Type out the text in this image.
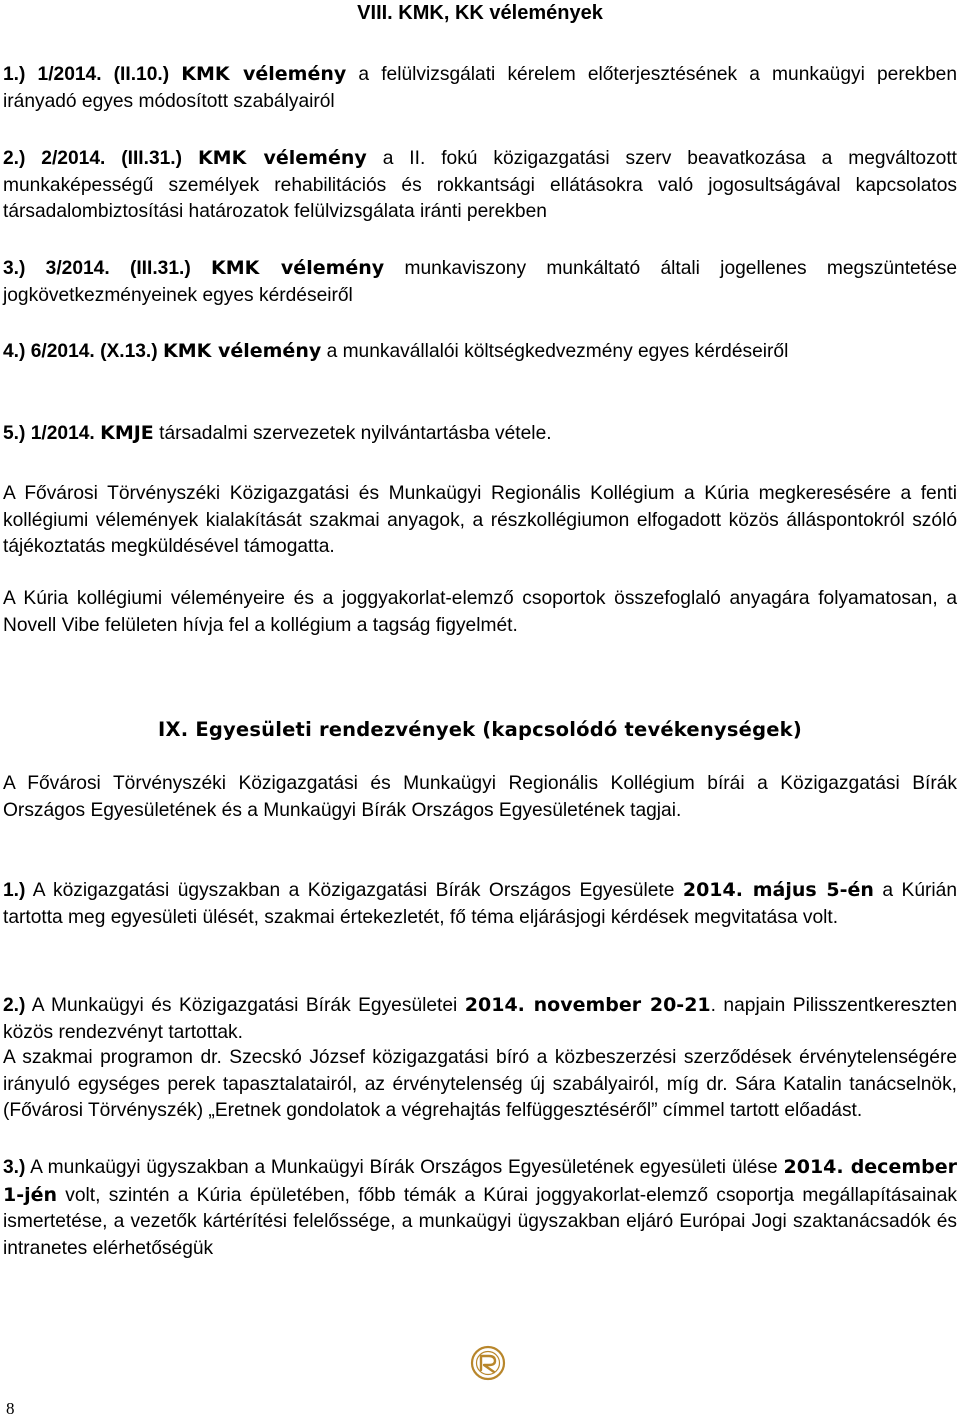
VIII. KMK, KK vélemények

1.) 1/2014. (II.10.) KMK vélemény a felülvizsgálati kérelem előterjesztésének a munkaügyi perekben irányadó egyes módosított szabályairól

2.) 2/2014. (III.31.) KMK vélemény a II. fokú közigazgatási szerv beavatkozása a megváltozott munkaképességű személyek rehabilitációs és rokkantsági ellátásokra való jogosultságával kapcsolatos társadalombiztosítási határozatok felülvizsgálata iránti perekben

3.) 3/2014. (III.31.) KMK vélemény munkaviszony munkáltató általi jogellenes megszüntetése jogkövetkezményeinek egyes kérdéseiről

4.) 6/2014. (X.13.) KMK vélemény a munkavállalói költségkedvezmény egyes kérdéseiről

5.) 1/2014. KMJE társadalmi szervezetek nyilvántartásba vétele.

A Fővárosi Törvényszéki Közigazgatási és Munkaügyi Regionális Kollégium a Kúria megkeresésére a fenti kollégiumi vélemények kialakítását szakmai anyagok, a részkollégiumon elfogadott közös álláspontokról szóló tájékoztatás megküldésével támogatta.

A Kúria kollégiumi véleményeire és a joggyakorlat-elemző csoportok összefoglaló anyagára folyamatosan, a Novell Vibe felületen hívja fel a kollégium a tagság figyelmét.

IX. Egyesületi rendezvények (kapcsolódó tevékenységek)

A Fővárosi Törvényszéki Közigazgatási és Munkaügyi Regionális Kollégium bírái a Közigazgatási Bírák Országos Egyesületének és a Munkaügyi Bírák Országos Egyesületének tagjai.

1.) A közigazgatási ügyszakban a Közigazgatási Bírák Országos Egyesülete 2014. május 5-én a Kúrián tartotta meg egyesületi ülését, szakmai értekezletét, fő téma eljárásjogi kérdések megvitatása volt.

2.) A Munkaügyi és Közigazgatási Bírák Egyesületei 2014. november 20-21. napjain Pilisszentkereszten közös rendezvényt tartottak.

A szakmai programon dr. Szecskó József közigazgatási bíró a közbeszerzési szerződések érvénytelenségére irányuló egységes perek tapasztalatairól, az érvénytelenség új szabályairól, míg dr. Sára Katalin tanácselnök, (Fővárosi Törvényszék) „Eretnek gondolatok a végrehajtás felfüggesztéséről” címmel tartott előadást.

3.) A munkaügyi ügyszakban a Munkaügyi Bírák Országos Egyesületének egyesületi ülése 2014. december 1-jén volt, szintén a Kúria épületében, főbb témák a Kúrai joggyakorlat-elemző csoportja megállapításainak ismertetése, a vezetők kártérítési felelőssége, a munkaügyi ügyszakban eljáró Európai Jogi szaktanácsadók és intranetes elérhetőségük

8
